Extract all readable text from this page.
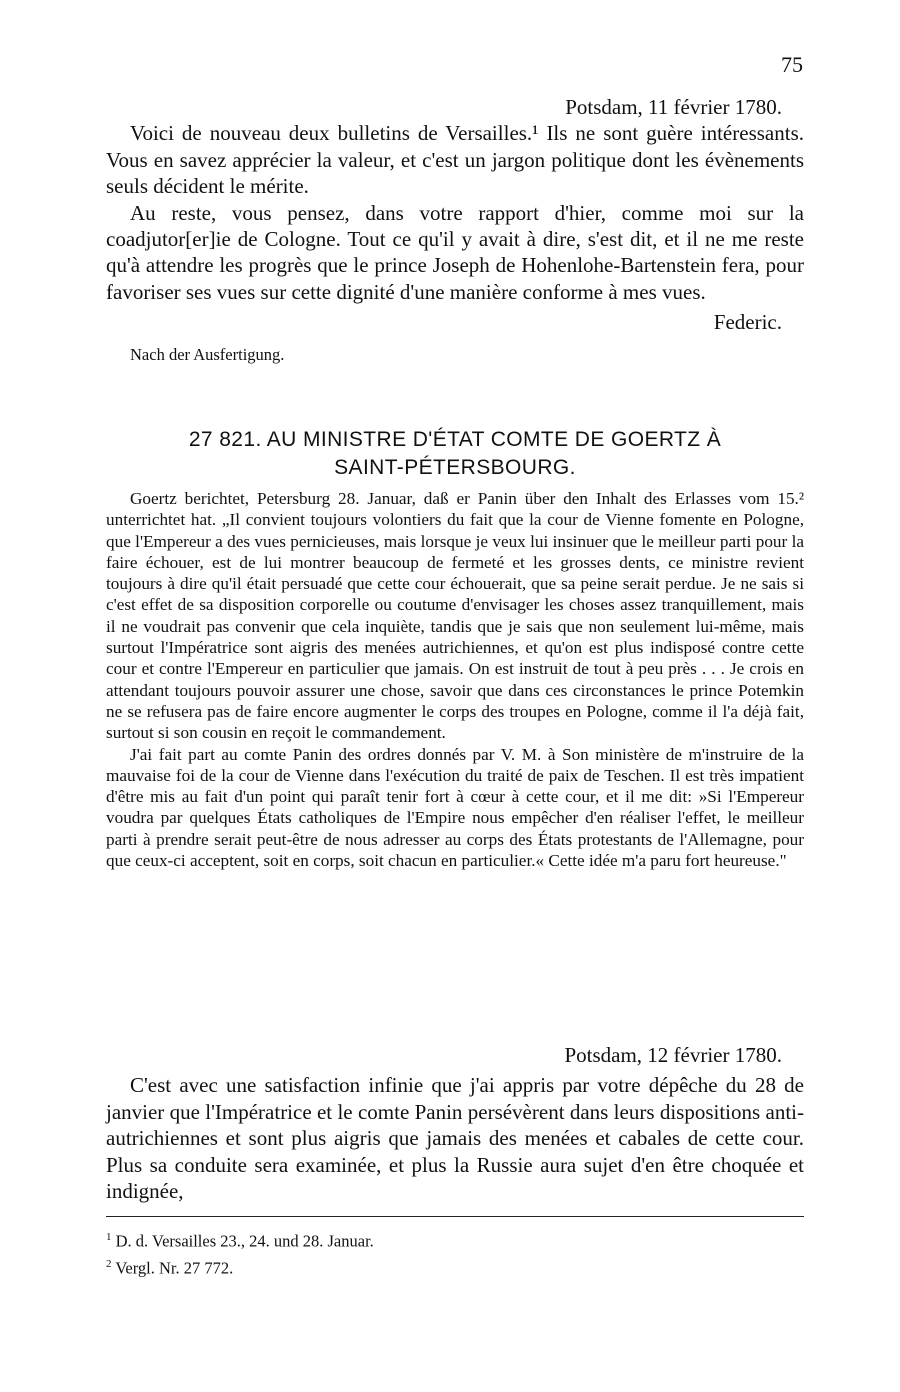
75

Potsdam, 11 février 1780.

Voici de nouveau deux bulletins de Versailles.¹ Ils ne sont guère intéressants. Vous en savez apprécier la valeur, et c'est un jargon politique dont les évènements seuls décident le mérite.

Au reste, vous pensez, dans votre rapport d'hier, comme moi sur la coadjutor[er]ie de Cologne. Tout ce qu'il y avait à dire, s'est dit, et il ne me reste qu'à attendre les progrès que le prince Joseph de Hohenlohe-Bartenstein fera, pour favoriser ses vues sur cette dignité d'une manière conforme à mes vues.

Federic.

Nach der Ausfertigung.

27 821. AU MINISTRE D'ÉTAT COMTE DE GOERTZ À
SAINT-PÉTERSBOURG.

Goertz berichtet, Petersburg 28. Januar, daß er Panin über den Inhalt des Erlasses vom 15.² unterrichtet hat. „Il convient toujours volontiers du fait que la cour de Vienne fomente en Pologne, que l'Empereur a des vues pernicieuses, mais lorsque je veux lui insinuer que le meilleur parti pour la faire échouer, est de lui montrer beaucoup de fermeté et les grosses dents, ce ministre revient toujours à dire qu'il était persuadé que cette cour échouerait, que sa peine serait perdue. Je ne sais si c'est effet de sa disposition corporelle ou coutume d'envisager les choses assez tranquillement, mais il ne voudrait pas convenir que cela inquiète, tandis que je sais que non seulement lui-même, mais surtout l'Impératrice sont aigris des menées autrichiennes, et qu'on est plus indisposé contre cette cour et contre l'Empereur en particulier que jamais. On est instruit de tout à peu près . . . Je crois en attendant toujours pouvoir assurer une chose, savoir que dans ces circonstances le prince Potemkin ne se refusera pas de faire encore augmenter le corps des troupes en Pologne, comme il l'a déjà fait, surtout si son cousin en reçoit le commandement.

J'ai fait part au comte Panin des ordres donnés par V. M. à Son ministère de m'instruire de la mauvaise foi de la cour de Vienne dans l'exécution du traité de paix de Teschen. Il est très impatient d'être mis au fait d'un point qui paraît tenir fort à cœur à cette cour, et il me dit: »Si l'Empereur voudra par quelques États catholiques de l'Empire nous empêcher d'en réaliser l'effet, le meilleur parti à prendre serait peut-être de nous adresser au corps des États protestants de l'Allemagne, pour que ceux-ci acceptent, soit en corps, soit chacun en particulier.« Cette idée m'a paru fort heureuse."

Potsdam, 12 février 1780.

C'est avec une satisfaction infinie que j'ai appris par votre dépêche du 28 de janvier que l'Impératrice et le comte Panin persévèrent dans leurs dispositions anti-autrichiennes et sont plus aigris que jamais des menées et cabales de cette cour. Plus sa conduite sera examinée, et plus la Russie aura sujet d'en être choquée et indignée,

$^1$ D. d. Versailles 23., 24. und 28. Januar.
$^2$ Vergl. Nr. 27 772.
